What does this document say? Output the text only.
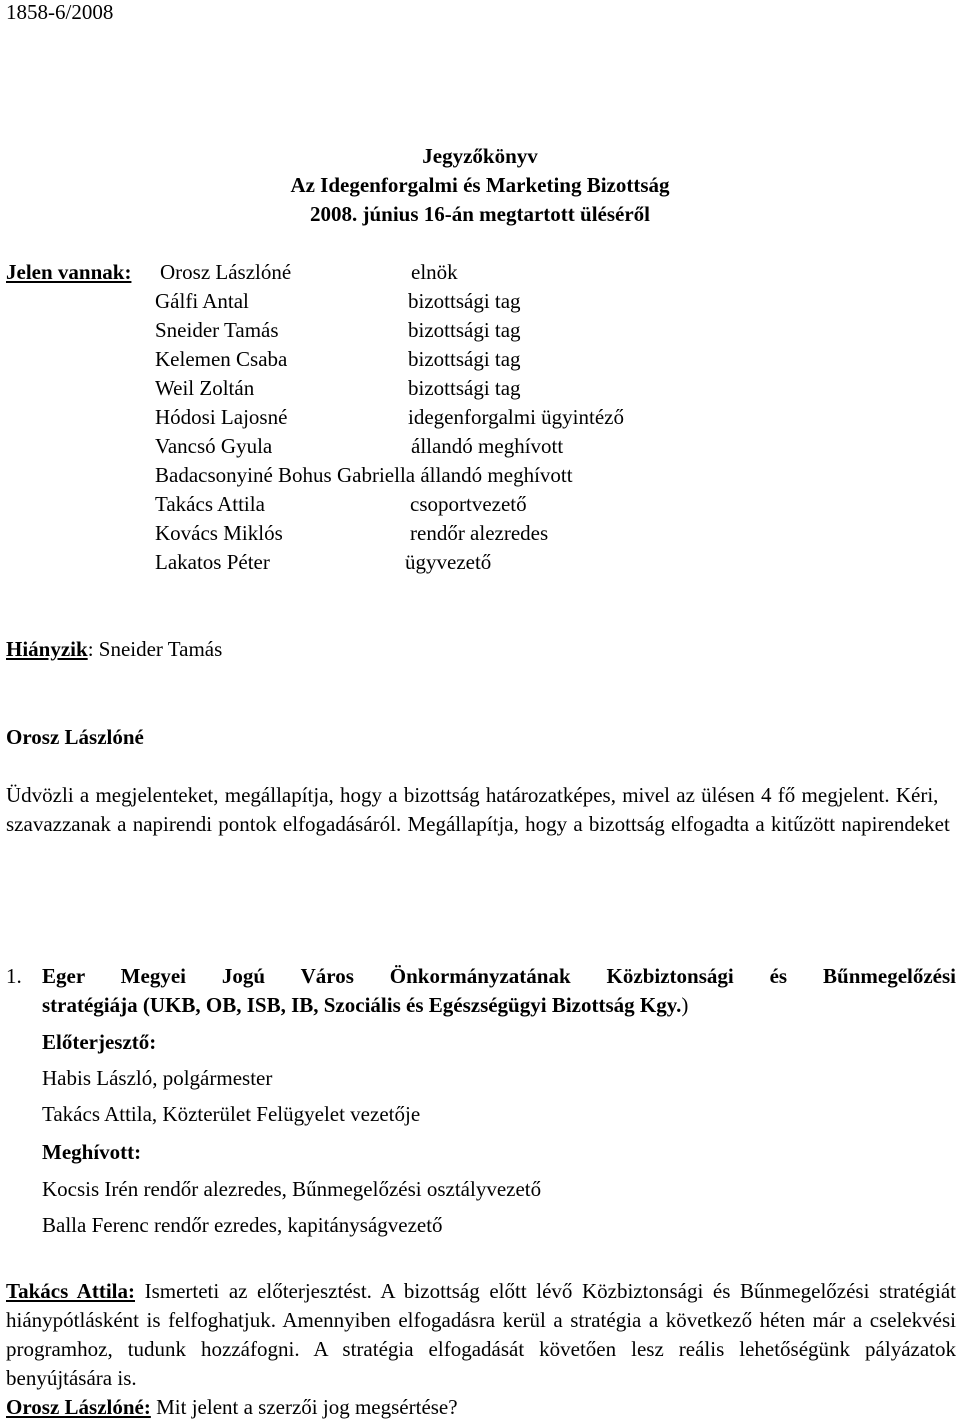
1858-6/2008
Jegyzőkönyv
Az Idegenforgalmi és Marketing Bizottság
2008. június 16-án megtartott üléséről
Jelen vannak: Orosz Lászlóné	elnök
Gálfi Antal	bizottsági tag
Sneider Tamás	bizottsági tag
Kelemen Csaba	bizottsági tag
Weil Zoltán	bizottsági tag
Hódosi Lajosné	idegenforgalmi ügyintéző
Vancsó Gyula	állandó meghívott
Badacsonyiné Bohus Gabriella állandó meghívott
Takács Attila	csoportvezető
Kovács Miklós	rendőr alezredes
Lakatos Péter	ügyvezető
Hiányzik: Sneider Tamás
Orosz Lászlóné
Üdvözli a megjelenteket, megállapítja, hogy a bizottság határozatképes, mivel az ülésen 4 fő megjelent. Kéri, szavazzanak a napirendi pontok elfogadásáról. Megállapítja, hogy a bizottság elfogadta a kitűzött napirendeket
1. Eger Megyei Jogú Város Önkormányzatának Közbiztonsági és Bűnmegelőzési
stratégiája (UKB, OB, ISB, IB, Szociális és Egészségügyi Bizottság Kgy.)
Előterjesztő:
Habis László, polgármester
Takács Attila, Közterület Felügyelet vezetője
Meghívott:
Kocsis Irén rendőr alezredes, Bűnmegelőzési osztályvezető
Balla Ferenc rendőr ezredes, kapitányságvezető
Takács Attila: Ismerteti az előterjesztést. A bizottság előtt lévő Közbiztonsági és Bűnmegelőzési stratégiát hiánypótlásként is felfoghatjuk. Amennyiben elfogadásra kerül a stratégia a következő héten már a cselekvési programhoz, tudunk hozzáfogni. A stratégia elfogadását követően lesz reális lehetőségünk pályázatok benyújtására is.
Orosz Lászlóné: Mit jelent a szerzői jog megsértése?
